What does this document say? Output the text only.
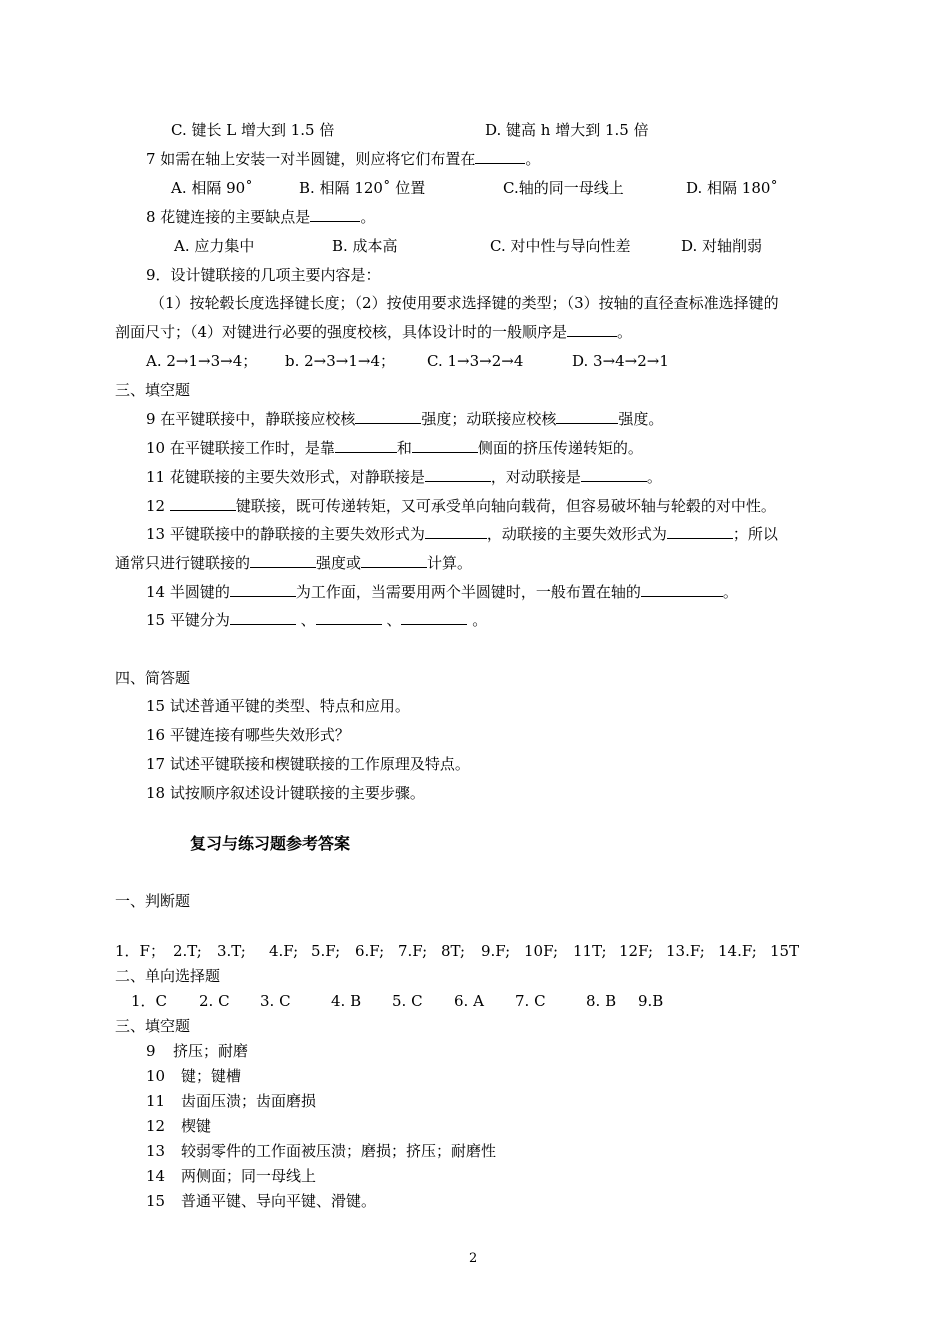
C. 键长 L 增大到 1.5 倍	D. 键高 h 增大到 1.5 倍
7 如需在轴上安装一对半圆键，则应将它们布置在	。
A. 相隔 90˚	B. 相隔 120˚ 位置	C.轴的同一母线上	D. 相隔 180˚
8 花键连接的主要缺点是	。
A. 应力集中	B. 成本高	C. 对中性与导向性差	D. 对轴削弱
9．设计键联接的几项主要内容是：
（1）按轮毂长度选择键长度；（2）按使用要求选择键的类型；（3）按轴的直径查标准选择键的
剖面尺寸；（4）对键进行必要的强度校核，具体设计时的一般顺序是	。
A. 2→1→3→4； b. 2→3→1→4； C. 1→3→2→4	D. 3→4→2→1
三、填空题
9 在平键联接中，静联接应校核	强度；动联接应校核	强度。
10 在平键联接工作时，是靠	和	侧面的挤压传递转矩的。
11 花键联接的主要失效形式，对静联接是	，对动联接是	。
12	键联接，既可传递转矩，又可承受单向轴向载荷，但容易破坏轴与轮毂的对中性。
13 平键联接中的静联接的主要失效形式为	，动联接的主要失效形式为	；所以
通常只进行键联接的	强度或	计算。
14 半圆键的	为工作面，当需要用两个半圆键时，一般布置在轴的	。
15 平键分为	、	、	。
四、简答题
15 试述普通平键的类型、特点和应用。
16 平键连接有哪些失效形式？
17 试述平键联接和楔键联接的工作原理及特点。
18 试按顺序叙述设计键联接的主要步骤。
复习与练习题参考答案
一、判断题

1．F；

2.T;

3.T;

4.F;

5.F;

6.F;

7.F;

8T;

9.F;

10F;

11T;

12F;

13.F;

14.F;

15T

二、单向选择题

1．C

2. C

3. C

	4. B

5. C

6. A

7. C

	8. B

9.B

三、填空题

9

挤压；耐磨

10

键；键槽

11

齿面压溃；齿面磨损

12

楔键

13

较弱零件的工作面被压溃；磨损；挤压；耐磨性

14

两侧面；同一母线上

15

普通平键、导向平键、滑键。

2
